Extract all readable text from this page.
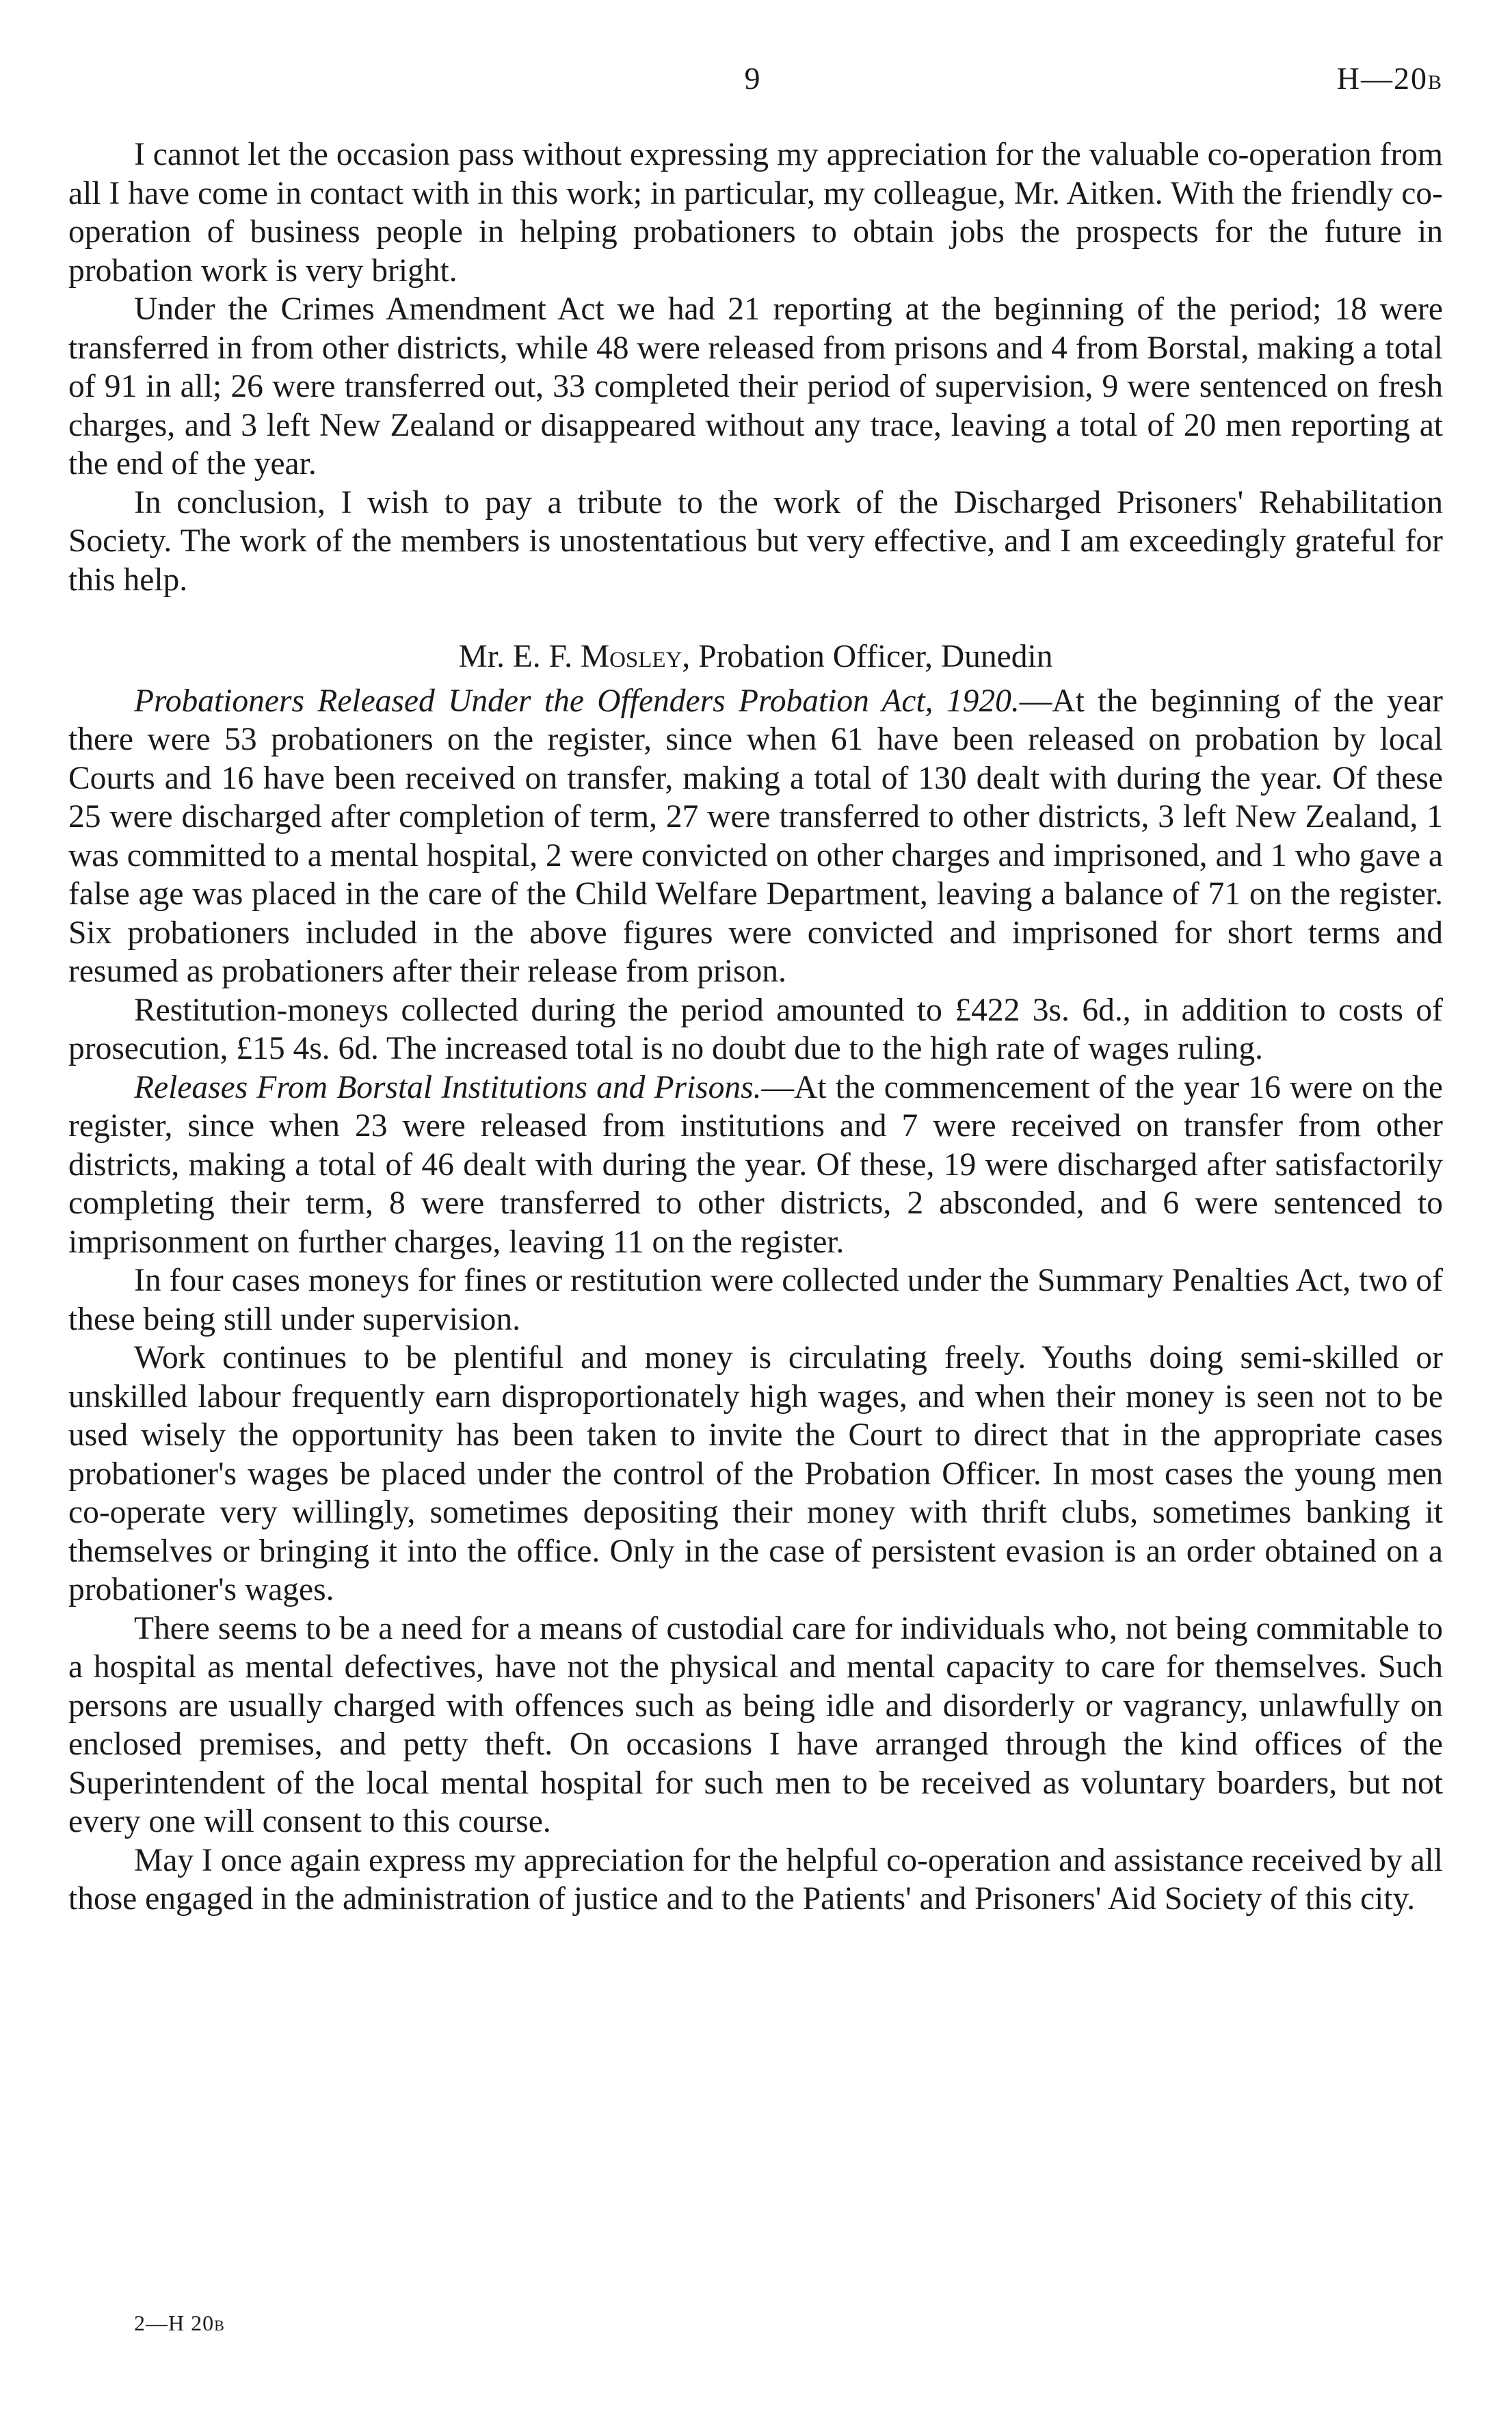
9	H—20B

I cannot let the occasion pass without expressing my appreciation for the valuable co-operation from all I have come in contact with in this work; in particular, my colleague, Mr. Aitken. With the friendly co-operation of business people in helping probationers to obtain jobs the prospects for the future in probation work is very bright.

Under the Crimes Amendment Act we had 21 reporting at the beginning of the period; 18 were transferred in from other districts, while 48 were released from prisons and 4 from Borstal, making a total of 91 in all; 26 were transferred out, 33 completed their period of supervision, 9 were sentenced on fresh charges, and 3 left New Zealand or disappeared without any trace, leaving a total of 20 men reporting at the end of the year.

In conclusion, I wish to pay a tribute to the work of the Discharged Prisoners' Rehabilitation Society. The work of the members is unostentatious but very effective, and I am exceedingly grateful for this help.

Mr. E. F. Mosley, Probation Officer, Dunedin

Probationers Released Under the Offenders Probation Act, 1920.—At the beginning of the year there were 53 probationers on the register, since when 61 have been released on probation by local Courts and 16 have been received on transfer, making a total of 130 dealt with during the year. Of these 25 were discharged after completion of term, 27 were transferred to other districts, 3 left New Zealand, 1 was committed to a mental hospital, 2 were convicted on other charges and imprisoned, and 1 who gave a false age was placed in the care of the Child Welfare Department, leaving a balance of 71 on the register. Six probationers included in the above figures were convicted and imprisoned for short terms and resumed as probationers after their release from prison.

Restitution-moneys collected during the period amounted to £422 3s. 6d., in addition to costs of prosecution, £15 4s. 6d. The increased total is no doubt due to the high rate of wages ruling.

Releases From Borstal Institutions and Prisons.—At the commencement of the year 16 were on the register, since when 23 were released from institutions and 7 were received on transfer from other districts, making a total of 46 dealt with during the year. Of these, 19 were discharged after satisfactorily completing their term, 8 were transferred to other districts, 2 absconded, and 6 were sentenced to imprisonment on further charges, leaving 11 on the register.

In four cases moneys for fines or restitution were collected under the Summary Penalties Act, two of these being still under supervision.

Work continues to be plentiful and money is circulating freely. Youths doing semi-skilled or unskilled labour frequently earn disproportionately high wages, and when their money is seen not to be used wisely the opportunity has been taken to invite the Court to direct that in the appropriate cases probationer's wages be placed under the control of the Probation Officer. In most cases the young men co-operate very willingly, sometimes depositing their money with thrift clubs, sometimes banking it themselves or bringing it into the office. Only in the case of persistent evasion is an order obtained on a probationer's wages.

There seems to be a need for a means of custodial care for individuals who, not being commitable to a hospital as mental defectives, have not the physical and mental capacity to care for themselves. Such persons are usually charged with offences such as being idle and disorderly or vagrancy, unlawfully on enclosed premises, and petty theft. On occasions I have arranged through the kind offices of the Superintendent of the local mental hospital for such men to be received as voluntary boarders, but not every one will consent to this course.

May I once again express my appreciation for the helpful co-operation and assistance received by all those engaged in the administration of justice and to the Patients' and Prisoners' Aid Society of this city.

2—H 20B
